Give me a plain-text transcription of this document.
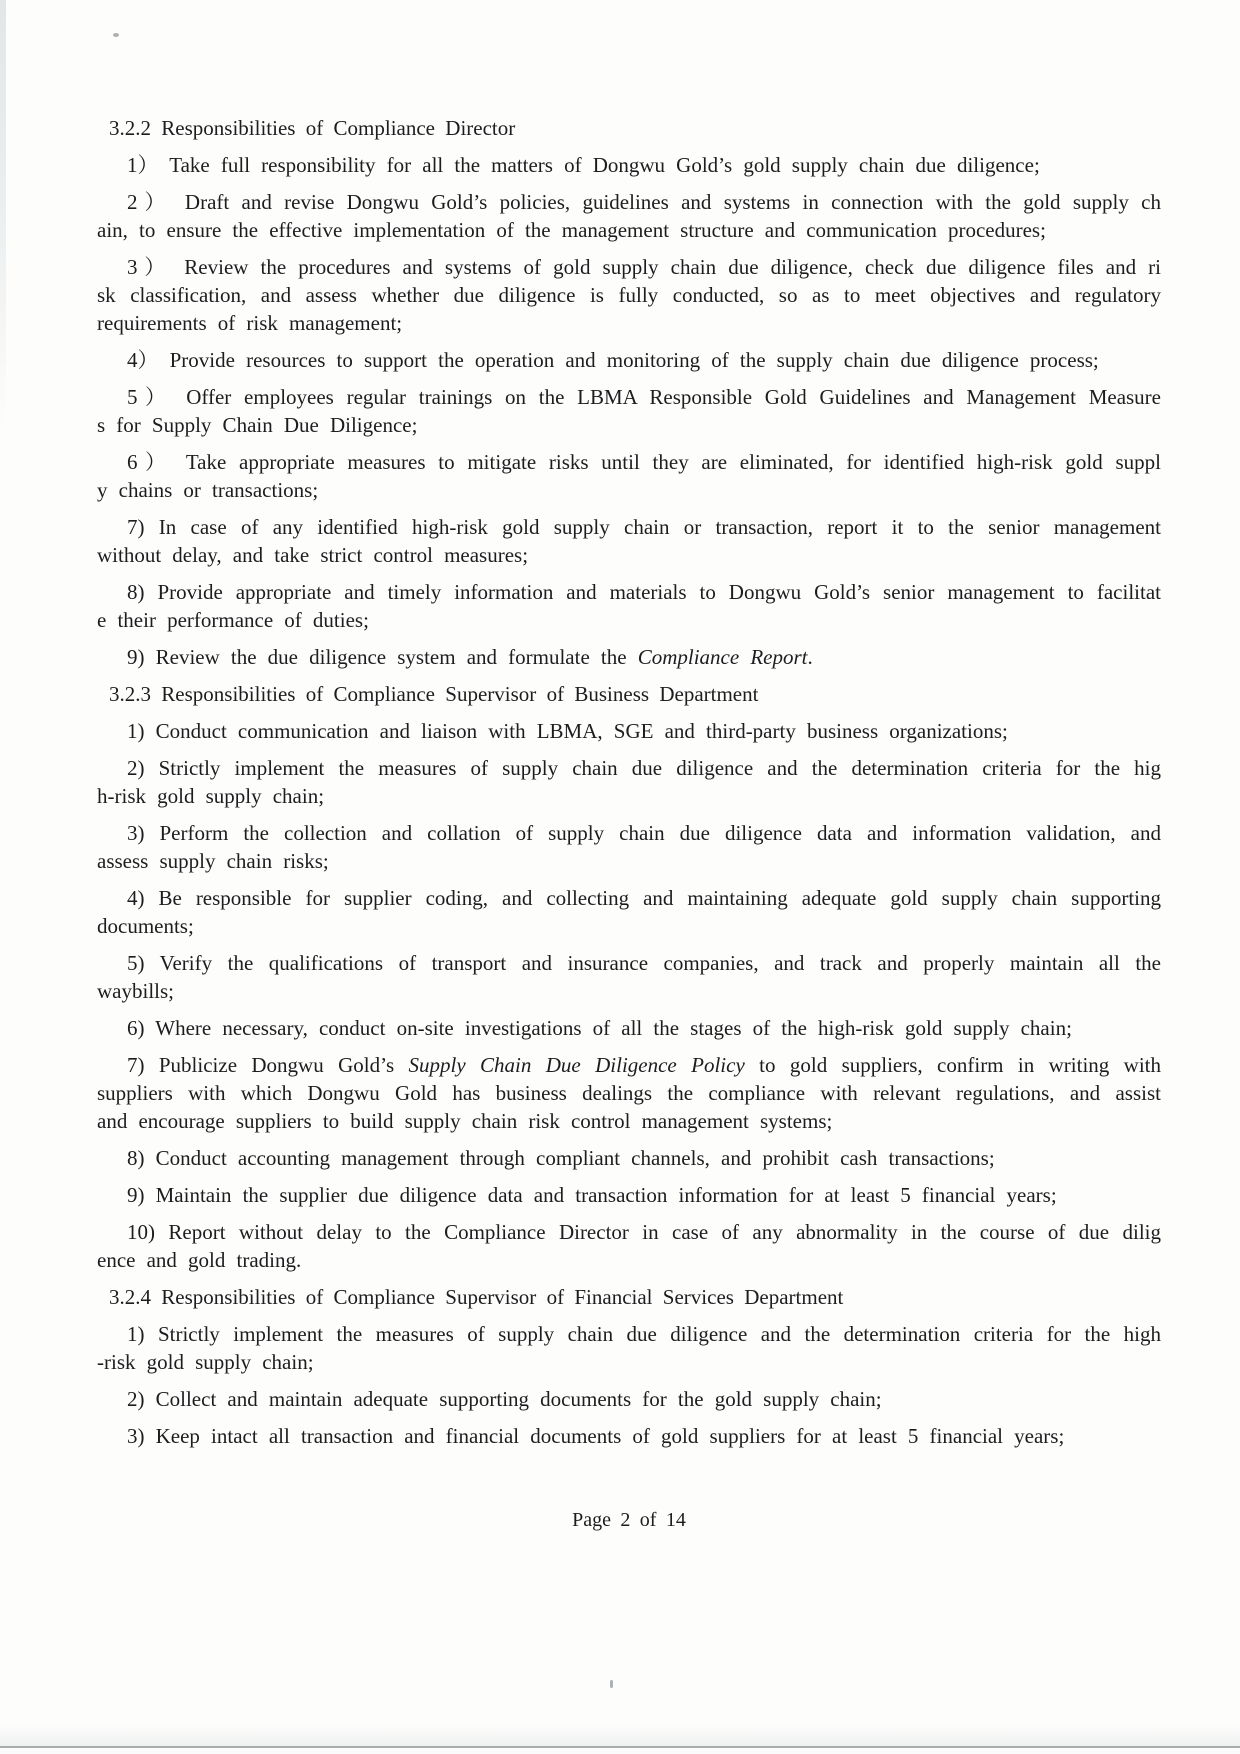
3.2.2 Responsibilities of Compliance Director
1） Take full responsibility for all the matters of Dongwu Gold’s gold supply chain due diligence;
2） Draft and revise Dongwu Gold’s policies, guidelines and systems in connection with the gold supply ch
ain, to ensure the effective implementation of the management structure and communication procedures;
3） Review the procedures and systems of gold supply chain due diligence, check due diligence files and ri
sk classification, and assess whether due diligence is fully conducted, so as to meet objectives and regulatory
requirements of risk management;
4） Provide resources to support the operation and monitoring of the supply chain due diligence process;
5） Offer employees regular trainings on the LBMA Responsible Gold Guidelines and Management Measure
s for Supply Chain Due Diligence;
6） Take appropriate measures to mitigate risks until they are eliminated, for identified high-risk gold suppl
y chains or transactions;
7) In case of any identified high-risk gold supply chain or transaction, report it to the senior management
without delay, and take strict control measures;
8) Provide appropriate and timely information and materials to Dongwu Gold’s senior management to facilitat
e their performance of duties;
9) Review the due diligence system and formulate the Compliance Report.
3.2.3 Responsibilities of Compliance Supervisor of Business Department
1) Conduct communication and liaison with LBMA, SGE and third-party business organizations;
2) Strictly implement the measures of supply chain due diligence and the determination criteria for the hig
h-risk gold supply chain;
3) Perform the collection and collation of supply chain due diligence data and information validation, and
assess supply chain risks;
4) Be responsible for supplier coding, and collecting and maintaining adequate gold supply chain supporting
documents;
5) Verify the qualifications of transport and insurance companies, and track and properly maintain all the
waybills;
6) Where necessary, conduct on-site investigations of all the stages of the high-risk gold supply chain;
7) Publicize Dongwu Gold’s Supply Chain Due Diligence Policy to gold suppliers, confirm in writing with
suppliers with which Dongwu Gold has business dealings the compliance with relevant regulations, and assist
and encourage suppliers to build supply chain risk control management systems;
8) Conduct accounting management through compliant channels, and prohibit cash transactions;
9) Maintain the supplier due diligence data and transaction information for at least 5 financial years;
10) Report without delay to the Compliance Director in case of any abnormality in the course of due dilig
ence and gold trading.
3.2.4 Responsibilities of Compliance Supervisor of Financial Services Department
1) Strictly implement the measures of supply chain due diligence and the determination criteria for the high
-risk gold supply chain;
2) Collect and maintain adequate supporting documents for the gold supply chain;
3) Keep intact all transaction and financial documents of gold suppliers for at least 5 financial years;
Page 2 of 14
